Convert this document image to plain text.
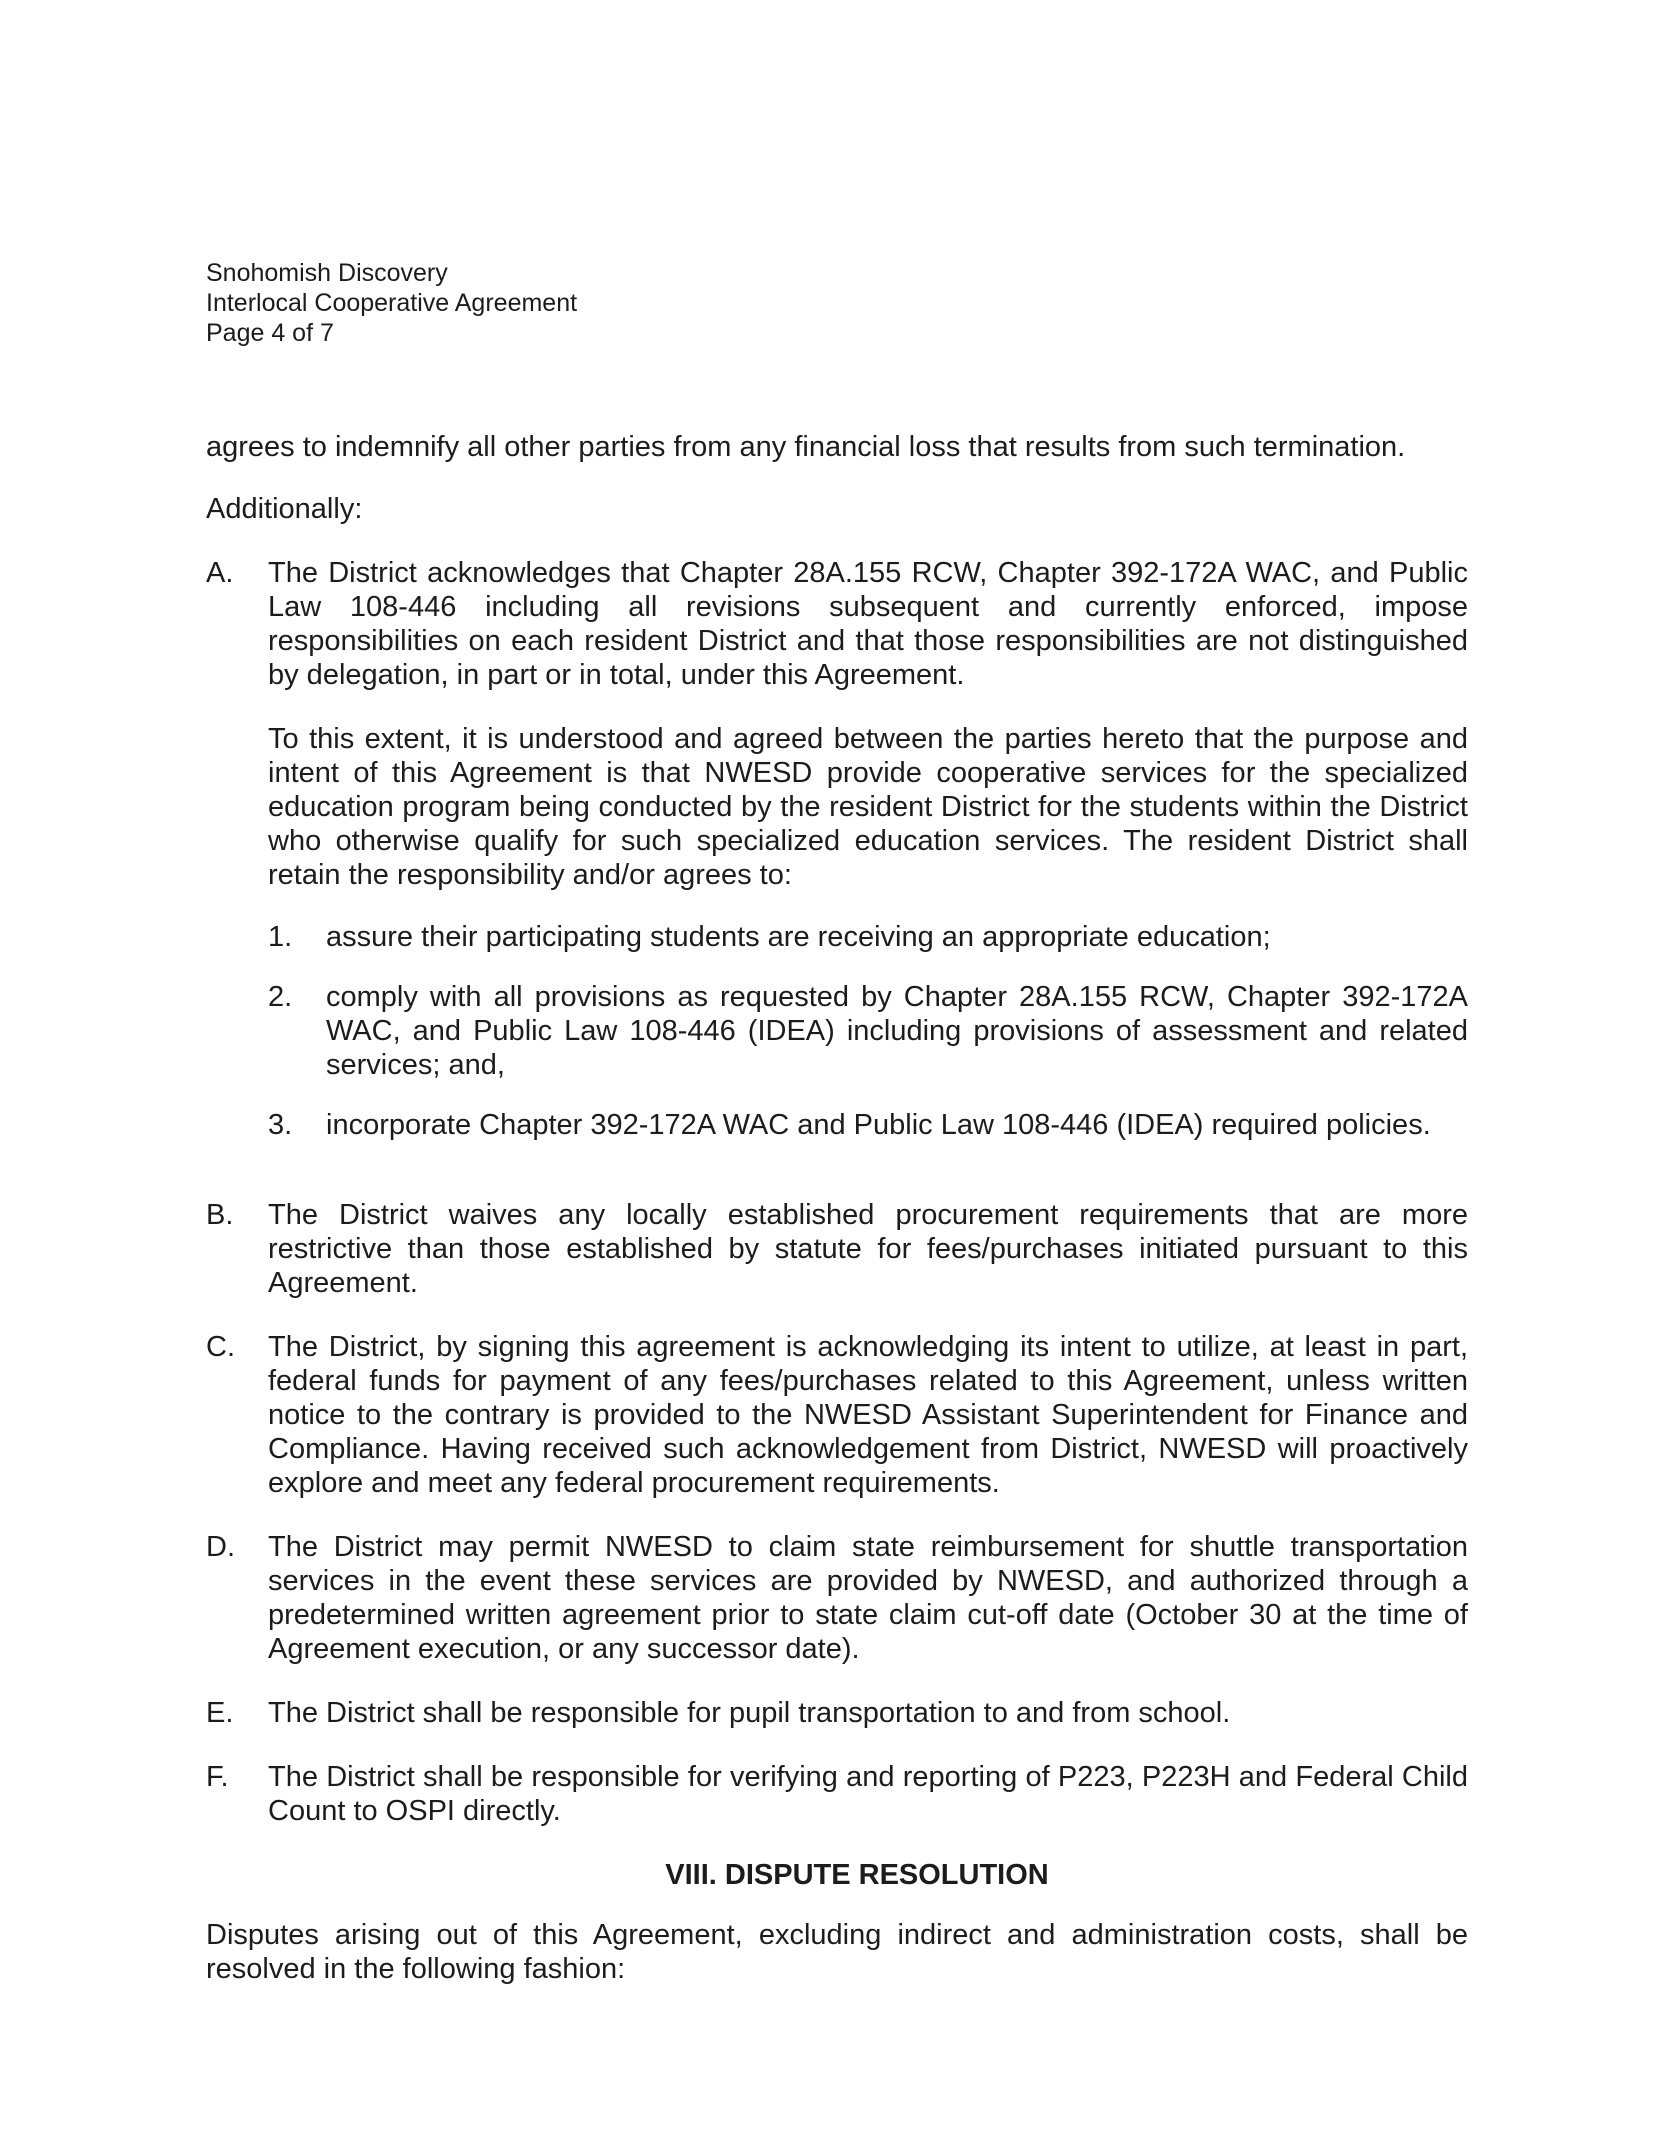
Snohomish Discovery
Interlocal Cooperative Agreement
Page 4 of 7

agrees to indemnify all other parties from any financial loss that results from such termination.

Additionally:

A.	The District acknowledges that Chapter 28A.155 RCW, Chapter 392-172A WAC, and Public Law 108-446 including all revisions subsequent and currently enforced, impose responsibilities on each resident District and that those responsibilities are not distinguished by delegation, in part or in total, under this Agreement.

To this extent, it is understood and agreed between the parties hereto that the purpose and intent of this Agreement is that NWESD provide cooperative services for the specialized education program being conducted by the resident District for the students within the District who otherwise qualify for such specialized education services. The resident District shall retain the responsibility and/or agrees to:

1.	assure their participating students are receiving an appropriate education;
2.	comply with all provisions as requested by Chapter 28A.155 RCW, Chapter 392-172A WAC, and Public Law 108-446 (IDEA) including provisions of assessment and related services; and,
3.	incorporate Chapter 392-172A WAC and Public Law 108-446 (IDEA) required policies.
B.	The District waives any locally established procurement requirements that are more restrictive than those established by statute for fees/purchases initiated pursuant to this Agreement.

C.	The District, by signing this agreement is acknowledging its intent to utilize, at least in part, federal funds for payment of any fees/purchases related to this Agreement, unless written notice to the contrary is provided to the NWESD Assistant Superintendent for Finance and Compliance. Having received such acknowledgement from District, NWESD will proactively explore and meet any federal procurement requirements.

D.	The District may permit NWESD to claim state reimbursement for shuttle transportation services in the event these services are provided by NWESD, and authorized through a predetermined written agreement prior to state claim cut-off date (October 30 at the time of Agreement execution, or any successor date).

E.	The District shall be responsible for pupil transportation to and from school.

F.	The District shall be responsible for verifying and reporting of P223, P223H and Federal Child Count to OSPI directly.

VIII. DISPUTE RESOLUTION

Disputes arising out of this Agreement, excluding indirect and administration costs, shall be resolved in the following fashion:
